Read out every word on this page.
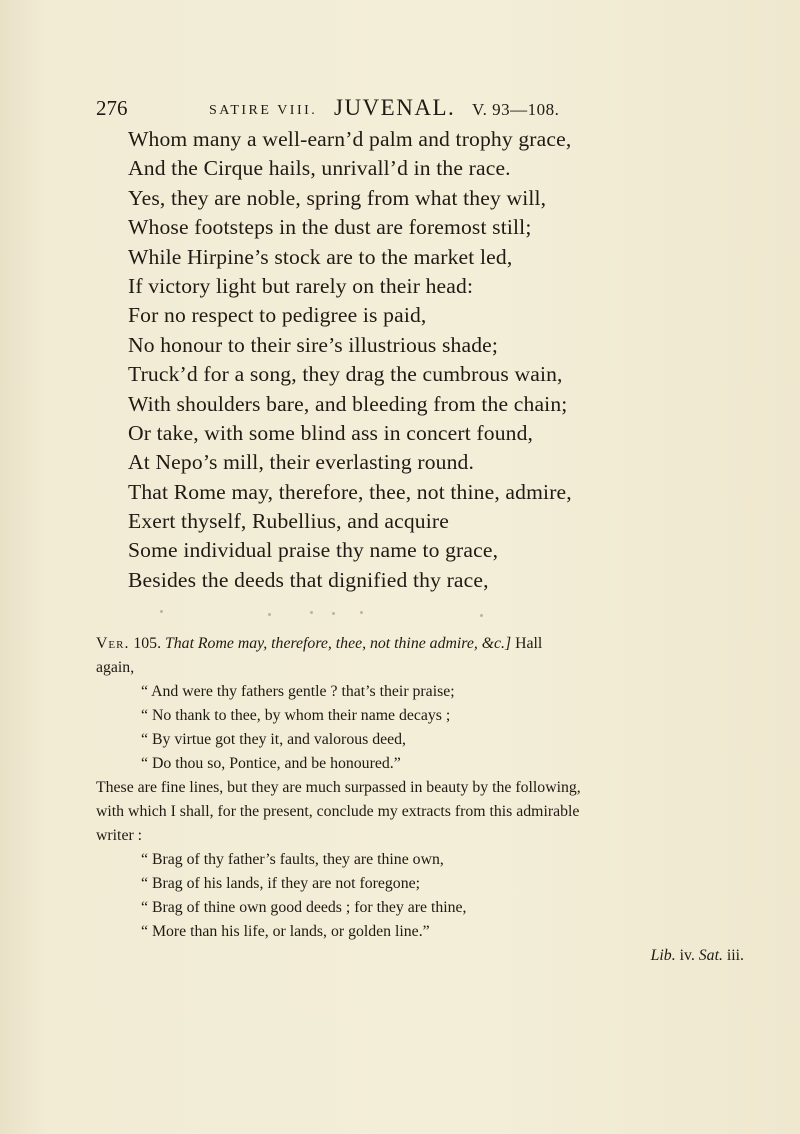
276	SATIRE VIII. JUVENAL. V. 93—108.
Whom many a well-earn’d palm and trophy grace,
And the Cirque hails, unrivall’d in the race.
Yes, they are noble, spring from what they will,
Whose footsteps in the dust are foremost still;
While Hirpine’s stock are to the market led,
If victory light but rarely on their head:
For no respect to pedigree is paid,
No honour to their sire’s illustrious shade;
Truck’d for a song, they drag the cumbrous wain,
With shoulders bare, and bleeding from the chain;
Or take, with some blind ass in concert found,
At Nepo’s mill, their everlasting round.
That Rome may, therefore, thee, not thine, admire,
Exert thyself, Rubellius, and acquire
Some individual praise thy name to grace,
Besides the deeds that dignified thy race,
Ver. 105. That Rome may, therefore, thee, not thine admire, &c.] Hall
again,
“ And were thy fathers gentle ? that’s their praise;
“ No thank to thee, by whom their name decays ;
“ By virtue got they it, and valorous deed,
“ Do thou so, Pontice, and be honoured.”
These are fine lines, but they are much surpassed in beauty by the following,
with which I shall, for the present, conclude my extracts from this admirable
writer :
“ Brag of thy father’s faults, they are thine own,
“ Brag of his lands, if they are not foregone;
“ Brag of thine own good deeds ; for they are thine,
“ More than his life, or lands, or golden line.”
Lib. iv. Sat. iii.
